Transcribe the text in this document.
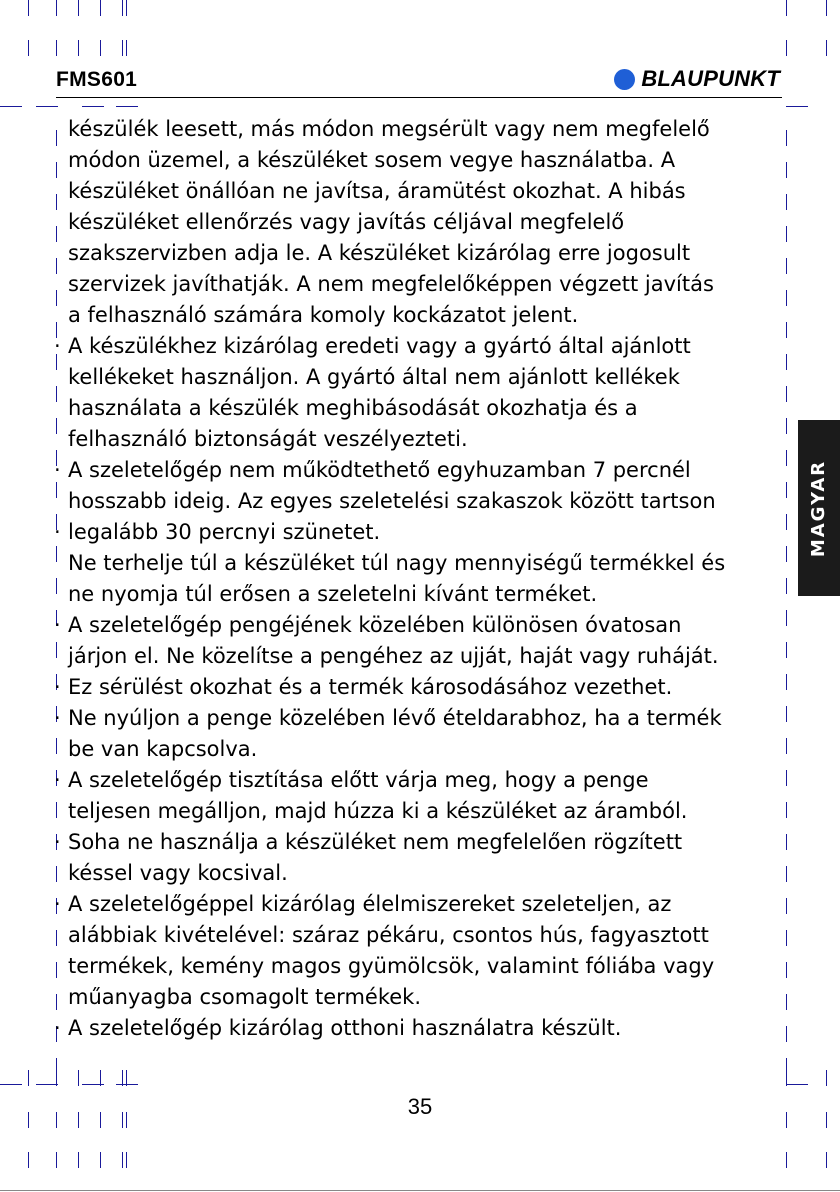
FMS601	BLAUPUNKT
készülék leesett, más módon megsérült vagy nem megfelelő
módon üzemel, a készüléket sosem vegye használatba. A
készüléket önállóan ne javítsa, áramütést okozhat. A hibás
készüléket ellenőrzés vagy javítás céljával megfelelő
szakszervizben adja le. A készüléket kizárólag erre jogosult
szervizek javíthatják. A nem megfelelőképpen végzett javítás
a felhasználó számára komoly kockázatot jelent.
· A készülékhez kizárólag eredeti vagy a gyártó által ajánlott
kellékeket használjon. A gyártó által nem ajánlott kellékek
használata a készülék meghibásodását okozhatja és a
felhasználó biztonságát veszélyezteti.
· A szeletelőgép nem működtethető egyhuzamban 7 percnél
hosszabb ideig. Az egyes szeletelési szakaszok között tartson
· legalább 30 percnyi szünetet.
Ne terhelje túl a készüléket túl nagy mennyiségű termékkel és
ne nyomja túl erősen a szeletelni kívánt terméket.
· A szeletelőgép pengéjének közelében különösen óvatosan
járjon el. Ne közelítse a pengéhez az ujját, haját vagy ruháját.
· Ez sérülést okozhat és a termék károsodásához vezethet.
· Ne nyúljon a penge közelében lévő ételdarabhoz, ha a termék
be van kapcsolva.
· A szeletelőgép tisztítása előtt várja meg, hogy a penge
teljesen megálljon, majd húzza ki a készüléket az áramból.
· Soha ne használja a készüléket nem megfelelően rögzített
késsel vagy kocsival.
· A szeletelőgéppel kizárólag élelmiszereket szeleteljen, az
alábbiak kivételével: száraz pékáru, csontos hús, fagyasztott
termékek, kemény magos gyümölcsök, valamint fóliába vagy
műanyagba csomagolt termékek.
· A szeletelőgép kizárólag otthoni használatra készült.
MAGYAR
35
